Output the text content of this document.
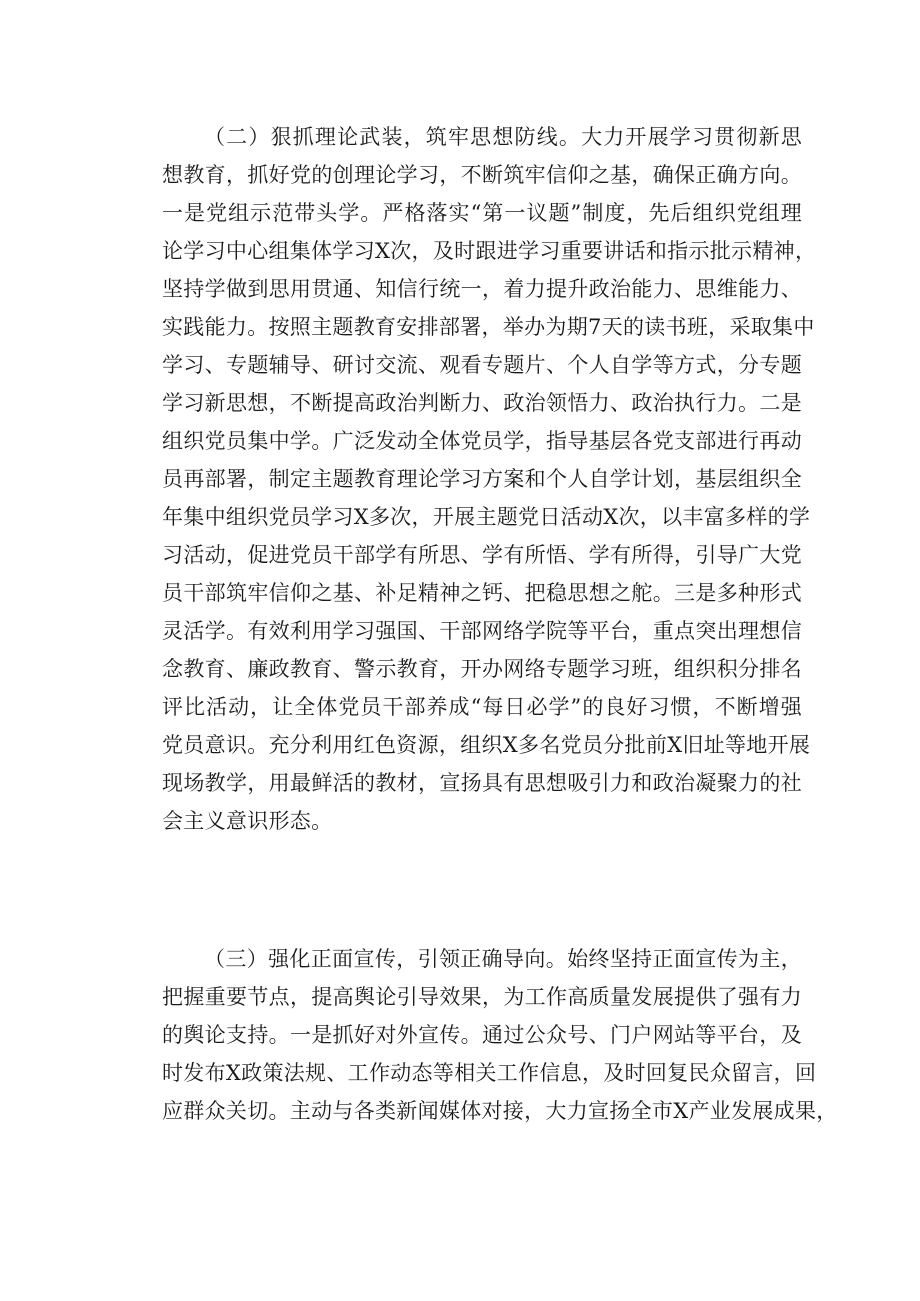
（二）狠抓理论武装，筑牢思想防线。大力开展学习贯彻新思
想教育，抓好党的创理论学习，不断筑牢信仰之基，确保正确方向。
一是党组示范带头学。严格落实“第一议题”制度，先后组织党组理
论学习中心组集体学习X次，及时跟进学习重要讲话和指示批示精神，
坚持学做到思用贯通、知信行统一，着力提升政治能力、思维能力、
实践能力。按照主题教育安排部署，举办为期7天的读书班，采取集中
学习、专题辅导、研讨交流、观看专题片、个人自学等方式，分专题
学习新思想，不断提高政治判断力、政治领悟力、政治执行力。二是
组织党员集中学。广泛发动全体党员学，指导基层各党支部进行再动
员再部署，制定主题教育理论学习方案和个人自学计划，基层组织全
年集中组织党员学习X多次，开展主题党日活动X次，以丰富多样的学
习活动，促进党员干部学有所思、学有所悟、学有所得，引导广大党
员干部筑牢信仰之基、补足精神之钙、把稳思想之舵。三是多种形式
灵活学。有效利用学习强国、干部网络学院等平台，重点突出理想信
念教育、廉政教育、警示教育，开办网络专题学习班，组织积分排名
评比活动，让全体党员干部养成“每日必学”的良好习惯，不断增强
党员意识。充分利用红色资源，组织X多名党员分批前X旧址等地开展
现场教学，用最鲜活的教材，宣扬具有思想吸引力和政治凝聚力的社
会主义意识形态。
（三）强化正面宣传，引领正确导向。始终坚持正面宣传为主，
把握重要节点，提高舆论引导效果，为工作高质量发展提供了强有力
的舆论支持。一是抓好对外宣传。通过公众号、门户网站等平台，及
时发布X政策法规、工作动态等相关工作信息，及时回复民众留言，回
应群众关切。主动与各类新闻媒体对接，大力宣扬全市X产业发展成果，
